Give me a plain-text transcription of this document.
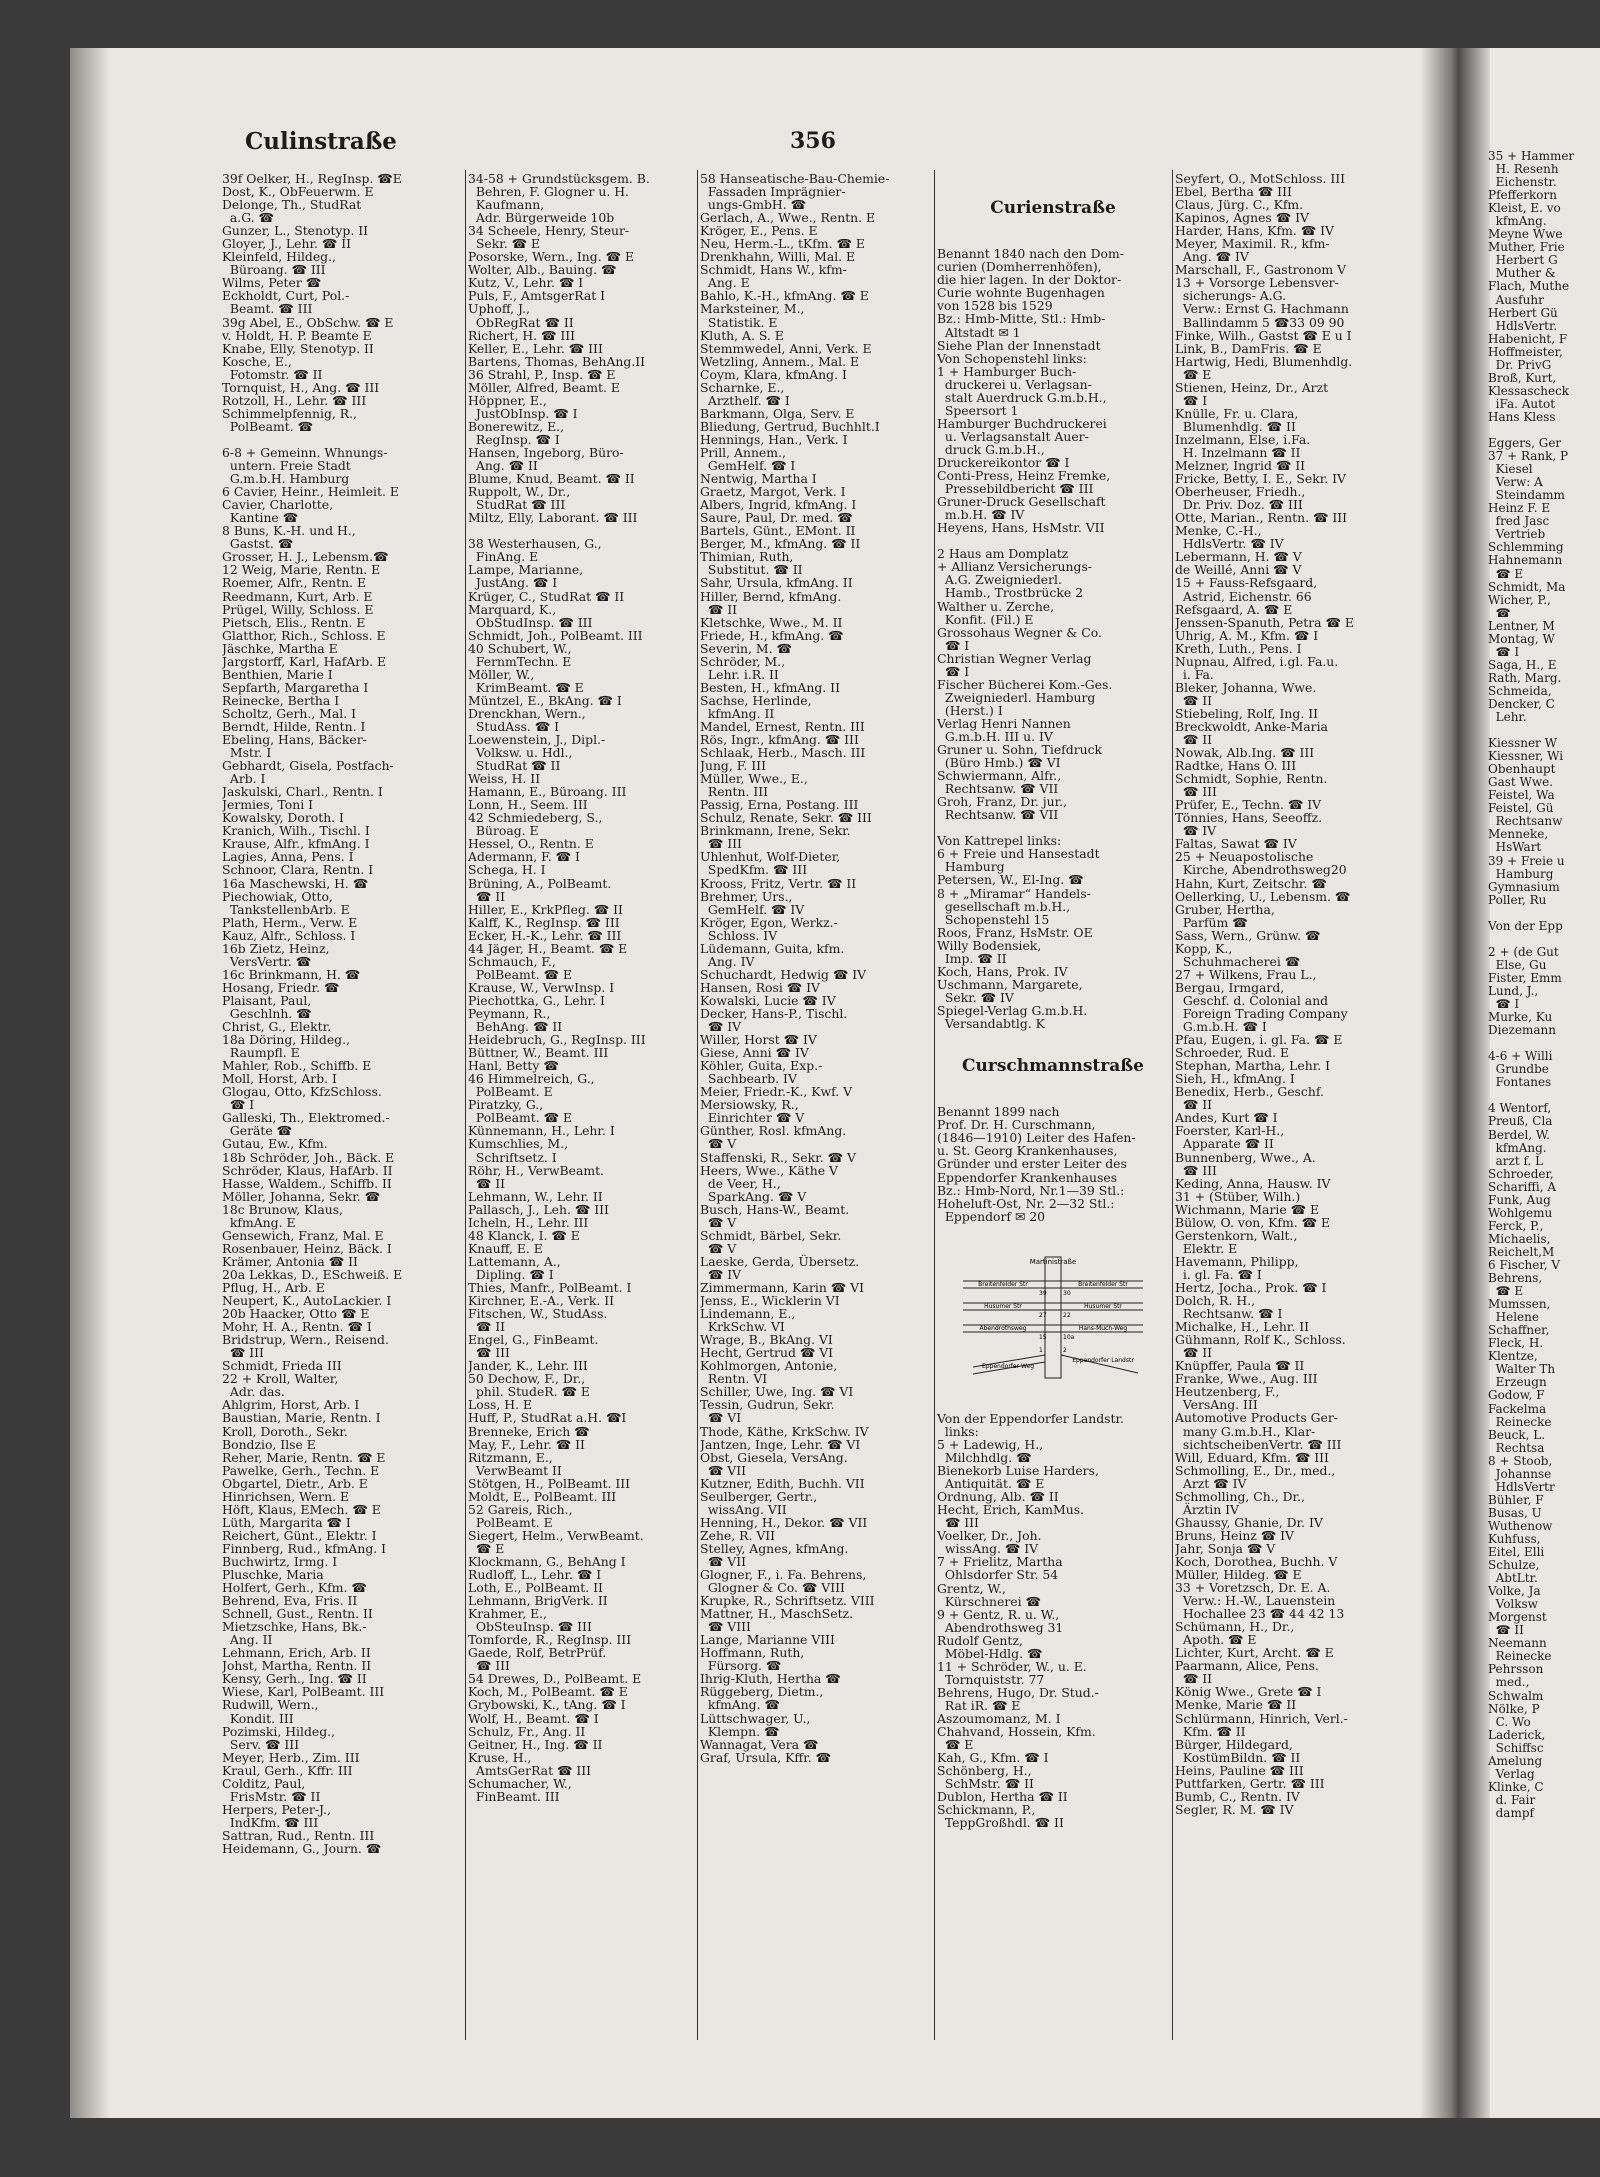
Culinstraße	356
39f Oelker, H., RegInsp. ☎E
Dost, K., ObFeuerwm. E
Delonge, Th., StudRat
a.G. ☎
Gunzer, L., Stenotyp. II
Gloyer, J., Lehr. ☎ II
Kleinfeld, Hildeg.,
Büroang. ☎ III
Wilms, Peter ☎
Eckholdt, Curt, Pol.-
Beamt. ☎ III
39g Abel, E., ObSchw. ☎ E
v. Holdt, H. P. Beamte E
Knabe, Elly, Stenotyp. II
Kosche, E.,
Fotomstr. ☎ II
Tornquist, H., Ang. ☎ III
Rotzoll, H., Lehr. ☎ III
Schimmelpfennig, R.,
PolBeamt. ☎

6-8 + Gemeinn. Whnungs-
untern. Freie Stadt
G.m.b.H. Hamburg
6 Cavier, Heinr., Heimleit. E
Cavier, Charlotte,
Kantine ☎
8 Buns, K.-H. und H.,
Gastst. ☎
Grosser, H. J., Lebensm.☎
12 Weig, Marie, Rentn. E
Roemer, Alfr., Rentn. E
Reedmann, Kurt, Arb. E
Prügel, Willy, Schloss. E
Pietsch, Elis., Rentn. E
Glatthor, Rich., Schloss. E
Jäschke, Martha E
Jargstorff, Karl, HafArb. E
Benthien, Marie I
Sepfarth, Margaretha I
Reinecke, Bertha I
Scholtz, Gerh., Mal. I
Berndt, Hilde, Rentn. I
Ebeling, Hans, Bäcker-
Mstr. I
Gebhardt, Gisela, Postfach-
Arb. I
Jaskulski, Charl., Rentn. I
Jermies, Toni I
Kowalsky, Doroth. I
Kranich, Wilh., Tischl. I
Krause, Alfr., kfmAng. I
Lagies, Anna, Pens. I
Schnoor, Clara, Rentn. I
16a Maschewski, H. ☎
Piechowiak, Otto,
TankstellenbArb. E
Plath, Herm., Verw. E
Kauz, Alfr., Schloss. I
16b Zietz, Heinz,
VersVertr. ☎
16c Brinkmann, H. ☎
Hosang, Friedr. ☎
Plaisant, Paul,
Geschlnh. ☎
Christ, G., Elektr.
18a Döring, Hildeg.,
Raumpfl. E
Mahler, Rob., Schiffb. E
Moll, Horst, Arb. I
Glogau, Otto, KfzSchloss.
☎ I
Galleski, Th., Elektromed.-
Geräte ☎
Gutau, Ew., Kfm.
18b Schröder, Joh., Bäck. E
Schröder, Klaus, HafArb. II
Hasse, Waldem., Schiffb. II
Möller, Johanna, Sekr. ☎
18c Brunow, Klaus,
kfmAng. E
Gensewich, Franz, Mal. E
Rosenbauer, Heinz, Bäck. I
Krämer, Antonia ☎ II
20a Lekkas, D., ESchweiß. E
Pflug, H., Arb. E
Neupert, K., AutoLackier. I
20b Haacker, Otto ☎ E
Mohr, H. A., Rentn. ☎ I
Bridstrup, Wern., Reisend.
☎ III
Schmidt, Frieda III
22 + Kroll, Walter,
Adr. das.
Ahlgrim, Horst, Arb. I
Baustian, Marie, Rentn. I
Kroll, Doroth., Sekr.
Bondzio, Ilse E
Reher, Marie, Rentn. ☎ E
Pawelke, Gerh., Techn. E
Obgartel, Dietr., Arb. E
Hinrichsen, Wern. E
Höft, Klaus, EMech. ☎ E
Lüth, Margarita ☎ I
Reichert, Günt., Elektr. I
Finnberg, Rud., kfmAng. I
Buchwirtz, Irmg. I
Pluschke, Maria
Holfert, Gerh., Kfm. ☎
Behrend, Eva, Fris. II
Schnell, Gust., Rentn. II
Mietzschke, Hans, Bk.-
Ang. II
Lehmann, Erich, Arb. II
Johst, Martha, Rentn. II
Kensy, Gerh., Ing. ☎ II
Wiese, Karl, PolBeamt. III
Rudwill, Wern.,
Kondit. III
Pozimski, Hildeg.,
Serv. ☎ III
Meyer, Herb., Zim. III
Kraul, Gerh., Kffr. III
Colditz, Paul,
FrisMstr. ☎ II
Herpers, Peter-J.,
IndKfm. ☎ III
Sattran, Rud., Rentn. III
Heidemann, G., Journ. ☎
34-58 + Grundstücksgem. B.
Behren, F. Glogner u. H.
Kaufmann,
Adr. Bürgerweide 10b
34 Scheele, Henry, Steur-
Sekr. ☎ E
Posorske, Wern., Ing. ☎ E
Wolter, Alb., Bauing. ☎
Kutz, V., Lehr. ☎ I
Puls, F., AmtsgerRat I
Uphoff, J.,
ObRegRat ☎ II
Richert, H. ☎ III
Keller, E., Lehr. ☎ III
Bartens, Thomas, BehAng.II
36 Strahl, P., Insp. ☎ E
Möller, Alfred, Beamt. E
Höppner, E.,
JustObInsp. ☎ I
Bonerewitz, E.,
RegInsp. ☎ I
Hansen, Ingeborg, Büro-
Ang. ☎ II
Blume, Knud, Beamt. ☎ II
Ruppolt, W., Dr.,
StudRat ☎ III
Miltz, Elly, Laborant. ☎ III

38 Westerhausen, G.,
FinAng. E
Lampe, Marianne,
JustAng. ☎ I
Krüger, C., StudRat ☎ II
Marquard, K.,
ObStudInsp. ☎ III
Schmidt, Joh., PolBeamt. III
40 Schubert, W.,
FernmTechn. E
Möller, W.,
KrimBeamt. ☎ E
Müntzel, E., BkAng. ☎ I
Drenckhan, Wern.,
StudAss. ☎ I
Loewenstein, J., Dipl.-
Volksw. u. Hdl.,
StudRat ☎ II
Weiss, H. II
Hamann, E., Büroang. III
Lonn, H., Seem. III
42 Schmiedeberg, S.,
Büroag. E
Hessel, O., Rentn. E
Adermann, F. ☎ I
Schega, H. I
Brüning, A., PolBeamt.
☎ II
Hiller, E., KrkPfleg. ☎ II
Kalff, K., RegInsp. ☎ III
Ecker, H.-K., Lehr. ☎ III
44 Jäger, H., Beamt. ☎ E
Schmauch, F.,
PolBeamt. ☎ E
Krause, W., VerwInsp. I
Piechottka, G., Lehr. I
Peymann, R.,
BehAng. ☎ II
Heidebruch, G., RegInsp. III
Büttner, W., Beamt. III
Hanl, Betty ☎
46 Himmelreich, G.,
PolBeamt. E
Piratzky, G.,
PolBeamt. ☎ E
Künnemann, H., Lehr. I
Kumschlies, M.,
Schriftsetz. I
Röhr, H., VerwBeamt.
☎ II
Lehmann, W., Lehr. II
Pallasch, J., Leh. ☎ III
Icheln, H., Lehr. III
48 Klanck, I. ☎ E
Knauff, E. E
Lattemann, A.,
Dipling. ☎ I
Thies, Manfr., PolBeamt. I
Kirchner, E.-A., Verk. II
Fitschen, W., StudAss.
☎ II
Engel, G., FinBeamt.
☎ III
Jander, K., Lehr. III
50 Dechow, F., Dr.,
phil. StudeR. ☎ E
Loss, H. E
Huff, P., StudRat a.H. ☎I
Brenneke, Erich ☎
May, F., Lehr. ☎ II
Ritzmann, E.,
VerwBeamt II
Stötgen, H., PolBeamt. III
Moldt, E., PolBeamt. III
52 Gareis, Rich.,
PolBeamt. E
Siegert, Helm., VerwBeamt.
☎ E
Klockmann, G., BehAng I
Rudloff, L., Lehr. ☎ I
Loth, E., PolBeamt. II
Lehmann, BrigVerk. II
Krahmer, E.,
ObSteuInsp. ☎ III
Tomforde, R., RegInsp. III
Gaede, Rolf, BetrPrüf.
☎ III
54 Drewes, D., PolBeamt. E
Koch, M., PolBeamt. ☎ E
Grybowski, K., tAng. ☎ I
Wolf, H., Beamt. ☎ I
Schulz, Fr., Ang. II
Geitner, H., Ing. ☎ II
Kruse, H.,
AmtsGerRat ☎ III
Schumacher, W.,
FinBeamt. III
58 Hanseatische-Bau-Chemie-
Fassaden Imprägnier-
ungs-GmbH. ☎
Gerlach, A., Wwe., Rentn. E
Kröger, E., Pens. E
Neu, Herm.-L., tKfm. ☎ E
Drenkhahn, Willi, Mal. E
Schmidt, Hans W., kfm-
Ang. E
Bahlo, K.-H., kfmAng. ☎ E
Marksteiner, M.,
Statistik. E
Kluth, A. S. E
Stemmwedel, Anni, Verk. E
Wetzling, Annem., Mal. E
Coym, Klara, kfmAng. I
Scharnke, E.,
Arzthelf. ☎ I
Barkmann, Olga, Serv. E
Bliedung, Gertrud, Buchhlt.I
Hennings, Han., Verk. I
Prill, Annem.,
GemHelf. ☎ I
Nentwig, Martha I
Graetz, Margot, Verk. I
Albers, Ingrid, kfmAng. I
Saure, Paul, Dr. med. ☎
Bartels, Günt., EMont. II
Berger, M., kfmAng. ☎ II
Thimian, Ruth,
Substitut. ☎ II
Sahr, Ursula, kfmAng. II
Hiller, Bernd, kfmAng.
☎ II
Kletschke, Wwe., M. II
Friede, H., kfmAng. ☎
Severin, M. ☎
Schröder, M.,
Lehr. i.R. II
Besten, H., kfmAng. II
Sachse, Herlinde,
kfmAng. II
Mandel, Ernest, Rentn. III
Rös, Ingr., kfmAng. ☎ III
Schlaak, Herb., Masch. III
Jung, F. III
Müller, Wwe., E.,
Rentn. III
Passig, Erna, Postang. III
Schulz, Renate, Sekr. ☎ III
Brinkmann, Irene, Sekr.
☎ III
Uhlenhut, Wolf-Dieter,
SpedKfm. ☎ III
Krooss, Fritz, Vertr. ☎ II
Brehmer, Urs.,
GemHelf. ☎ IV
Kröger, Egon, Werkz.-
Schloss. IV
Lüdemann, Guita, kfm.
Ang. IV
Schuchardt, Hedwig ☎ IV
Hansen, Rosi ☎ IV
Kowalski, Lucie ☎ IV
Decker, Hans-P., Tischl.
☎ IV
Willer, Horst ☎ IV
Giese, Anni ☎ IV
Köhler, Guita, Exp.-
Sachbearb. IV
Meier, Friedr.-K., Kwf. V
Mersiowsky, R.,
Einrichter ☎ V
Günther, Rosl. kfmAng.
☎ V
Staffenski, R., Sekr. ☎ V
Heers, Wwe., Käthe V
de Veer, H.,
SparkAng. ☎ V
Busch, Hans-W., Beamt.
☎ V
Schmidt, Bärbel, Sekr.
☎ V
Laeske, Gerda, Übersetz.
☎ IV
Zimmermann, Karin ☎ VI
Jenss, E., Wicklerin VI
Lindemann, E.,
KrkSchw. VI
Wrage, B., BkAng. VI
Hecht, Gertrud ☎ VI
Kohlmorgen, Antonie,
Rentn. VI
Schiller, Uwe, Ing. ☎ VI
Tessin, Gudrun, Sekr.
☎ VI
Thode, Käthe, KrkSchw. IV
Jantzen, Inge, Lehr. ☎ VI
Obst, Giesela, VersAng.
☎ VII
Kutzner, Edith, Buchh. VII
Seulberger, Gertr.,
wissAng. VII
Henning, H., Dekor. ☎ VII
Zehe, R. VII
Stelley, Agnes, kfmAng.
☎ VII
Glogner, F., i. Fa. Behrens,
Glogner & Co. ☎ VIII
Krupke, R., Schriftsetz. VIII
Mattner, H., MaschSetz.
☎ VIII
Lange, Marianne VIII
Hoffmann, Ruth,
Fürsorg. ☎
Ihrig-Kluth, Hertha ☎
Rüggeberg, Dietm.,
kfmAng. ☎
Lüttschwager, U.,
Klempn. ☎
Wannagat, Vera ☎
Graf, Ursula, Kffr. ☎

Curienstraße

Benannt 1840 nach den Dom-
curien (Domherrenhöfen),
die hier lagen. In der Doktor-
Curie wohnte Bugenhagen
von 1528 bis 1529
Bz.: Hmb-Mitte, Stl.: Hmb-
Altstadt ✉ 1
Siehe Plan der Innenstadt
Von Schopenstehl links:
1 + Hamburger Buch-
druckerei u. Verlagsan-
stalt Auerdruck G.m.b.H.,
Speersort 1
Hamburger Buchdruckerei
u. Verlagsanstalt Auer-
druck G.m.b.H.,
Druckereikontor ☎ I
Conti-Press, Heinz Fremke,
Pressebildbericht ☎ III
Gruner-Druck Gesellschaft
m.b.H. ☎ IV
Heyens, Hans, HsMstr. VII

2 Haus am Domplatz
+ Allianz Versicherungs-
A.G. Zweigniederl.
Hamb., Trostbrücke 2
Walther u. Zerche,
Konfit. (Fil.) E
Grossohaus Wegner & Co.
☎ I
Christian Wegner Verlag
☎ I
Fischer Bücherei Kom.-Ges.
Zweigniederl. Hamburg
(Herst.) I
Verlag Henri Nannen
G.m.b.H. III u. IV
Gruner u. Sohn, Tiefdruck
(Büro Hmb.) ☎ VI
Schwiermann, Alfr.,
Rechtsanw. ☎ VII
Groh, Franz, Dr. jur.,
Rechtsanw. ☎ VII

Von Kattrepel links:
6 + Freie und Hansestadt
Hamburg
Petersen, W., El-Ing. ☎
8 + „Miramar“ Handels-
gesellschaft m.b.H.,
Schopenstehl 15
Roos, Franz, HsMstr. OE
Willy Bodensiek,
Imp. ☎ II
Koch, Hans, Prok. IV
Uschmann, Margarete,
Sekr. ☎ IV
Spiegel-Verlag G.m.b.H.
Versandabtlg. K

Curschmannstraße

Benannt 1899 nach
Prof. Dr. H. Curschmann,
(1846—1910) Leiter des Hafen-
u. St. Georg Krankenhauses,
Gründer und erster Leiter des
Eppendorfer Krankenhauses
Bz.: Hmb-Nord, Nr.1—39 Stl.:
Hoheluft-Ost, Nr. 2—32 Stl.:
Eppendorf ✉ 20

Martinistraße
Breitenfelder Str	Breitenfelder Str
39	30
Husumer Str	Husumer Str
27	22
Abendrothsweg	Hans-Much-Weg
15	10a
1	2
Eppendorfer Weg
Eppendorfer Landstr

Von der Eppendorfer Landstr.
links:
5 + Ladewig, H.,
Milchhdlg. ☎
Bienekorb Luise Harders,
Antiquität. ☎ E
Ordnung, Alb. ☎ II
Hecht, Erich, KamMus.
☎ III
Voelker, Dr., Joh.
wissAng. ☎ IV
7 + Frielitz, Martha
Ohlsdorfer Str. 54
Grentz, W.,
Kürschnerei ☎
9 + Gentz, R. u. W.,
Abendrothsweg 31
Rudolf Gentz,
Möbel-Hdlg. ☎
11 + Schröder, W., u. E.
Tornquiststr. 77
Behrens, Hugo, Dr. Stud.-
Rat iR. ☎ E
Aszoumomanz, M. I
Chahvand, Hossein, Kfm.
☎ E
Kah, G., Kfm. ☎ I
Schönberg, H.,
SchMstr. ☎ II
Dublon, Hertha ☎ II
Schickmann, P.,
TeppGroßhdl. ☎ II

Seyfert, O., MotSchloss. III
Ebel, Bertha ☎ III
Claus, Jürg. C., Kfm.
Kapinos, Agnes ☎ IV
Harder, Hans, Kfm. ☎ IV
Meyer, Maximil. R., kfm-
Ang. ☎ IV
Marschall, F., Gastronom V
13 + Vorsorge Lebensver-
sicherungs- A.G.
Verw.: Ernst G. Hachmann
Ballindamm 5 ☎33 09 90
Finke, Wilh., Gastst ☎ E u I
Link, B., DamFris. ☎ E
Hartwig, Hedi, Blumenhdlg.
☎ E
Stienen, Heinz, Dr., Arzt
☎ I
Knülle, Fr. u. Clara,
Blumenhdlg. ☎ II
Inzelmann, Else, i.Fa.
H. Inzelmann ☎ II
Melzner, Ingrid ☎ II
Fricke, Betty, I. E., Sekr. IV
Oberheuser, Friedh.,
Dr. Priv. Doz. ☎ III
Otte, Marian., Rentn. ☎ III
Menke, C.-H.,
HdlsVertr. ☎ IV
Lebermann, H. ☎ V
de Weillé, Anni ☎ V
15 + Fauss-Refsgaard,
Astrid, Eichenstr. 66
Refsgaard, A. ☎ E
Jenssen-Spanuth, Petra ☎ E
Uhrig, A. M., Kfm. ☎ I
Kreth, Luth., Pens. I
Nupnau, Alfred, i.gl. Fa.u.
i. Fa.
Bleker, Johanna, Wwe.
☎ II
Stiebeling, Rolf, Ing. II
Breckwoldt, Anke-Maria
☎ II
Nowak, Alb.Ing. ☎ III
Radtke, Hans O. III
Schmidt, Sophie, Rentn.
☎ III
Prüfer, E., Techn. ☎ IV
Tönnies, Hans, Seeoffz.
☎ IV
Faltas, Sawat ☎ IV
25 + Neuapostolische
Kirche, Abendrothsweg20
Hahn, Kurt, Zeitschr. ☎
Oellerking, U., Lebensm. ☎
Gruber, Hertha,
Parfüm ☎
Sass, Wern., Grünw. ☎
Kopp, K.,
Schuhmacherei ☎
27 + Wilkens, Frau L.,
Bergau, Irmgard,
Geschf. d. Colonial and
Foreign Trading Company
G.m.b.H. ☎ I
Pfau, Eugen, i. gl. Fa. ☎ E
Schroeder, Rud. E
Stephan, Martha, Lehr. I
Sieh, H., kfmAng. I
Benedix, Herb., Geschf.
☎ II
Andes, Kurt ☎ I
Foerster, Karl-H.,
Apparate ☎ II
Bunnenberg, Wwe., A.
☎ III
Keding, Anna, Hausw. IV
31 + (Stüber, Wilh.)
Wichmann, Marie ☎ E
Bülow, O. von, Kfm. ☎ E
Gerstenkorn, Walt.,
Elektr. E
Havemann, Philipp,
i. gl. Fa. ☎ I
Hertz, Jocha., Prok. ☎ I
Dolch, R. H.,
Rechtsanw. ☎ I
Michalke, H., Lehr. II
Gühmann, Rolf K., Schloss.
☎ II
Knüpffer, Paula ☎ II
Franke, Wwe., Aug. III
Heutzenberg, F.,
VersAng. III
Automotive Products Ger-
many G.m.b.H., Klar-
sichtscheibenVertr. ☎ III
Will, Eduard, Kfm. ☎ III
Schmolling, E., Dr., med.,
Arzt ☎ IV
Schmolling, Ch., Dr.,
Ärztin IV
Ghaussy, Ghanie, Dr. IV
Bruns, Heinz ☎ IV
Jahr, Sonja ☎ V
Koch, Dorothea, Buchh. V
Müller, Hildeg. ☎ E
33 + Voretzsch, Dr. E. A.
Verw.: H.-W., Lauenstein
Hochallee 23 ☎ 44 42 13
Schümann, H., Dr.,
Apoth. ☎ E
Lichter, Kurt, Archt. ☎ E
Paarmann, Alice, Pens.
☎ II
König Wwe., Grete ☎ I
Menke, Marie ☎ II
Schlürmann, Hinrich, Verl.-
Kfm. ☎ II
Bürger, Hildegard,
KostümBildn. ☎ II
Heins, Pauline ☎ III
Puttfarken, Gertr. ☎ III
Bumb, C., Rentn. IV
Segler, R. M. ☎ IV
35 + Hammer
H. Resenh
Eichenstr.
Pfefferkorn
Kleist, E. vo
kfmAng.
Meyne Wwe
Muther, Frie
Herbert G
Muther &
Flach, Muthe
Ausfuhr
Herbert Gü
HdlsVertr.
Habenicht, F
Hoffmeister,
Dr. PrivG
Broß, Kurt,
Klessascheck
iFa. Autot
Hans Kless

Eggers, Ger
37 + Rank, P
Kiesel
Verw: A
Steindamm
Heinz F. E
fred Jasc
Vertrieb
Schlemming
Hahnemann
☎ E
Schmidt, Ma
Wicher, P.,
☎
Lentner, M
Montag, W
☎ I
Saga, H., E
Rath, Marg.
Schmeida,
Dencker, C
Lehr.

Kiessner W
Kiessner, Wi
Obenhaupt
Gast Wwe.
Feistel, Wa
Feistel, Gü
Rechtsanw
Menneke,
HsWart
39 + Freie u
Hamburg
Gymnasium
Poller, Ru

Von der Epp

2 + (de Gut
Else, Gu
Fister, Emm
Lund, J.,
☎ I
Murke, Ku
Diezemann

4-6 + Willi
Grundbe
Fontanes

4 Wentorf,
Preuß, Cla
Berdel, W.
kfmAng.
arzt f. L
Schroeder,
Schariffi, A
Funk, Aug
Wohlgemu
Ferck, P.,
Michaelis,
Reichelt,M
6 Fischer, V
Behrens,
☎ E
Mumssen,
Helene
Schaffner,
Fleck, H.
Klentze,
Walter Th
Erzeugn
Godow, F
Fackelma
Reinecke
Beuck, L.
Rechtsa
8 + Stoob,
Johannse
HdlsVertr
Bühler, F
Busas, U
Wuthenow
Kuhfuss,
Eitel, Elli
Schulze,
AbtLtr.
Volke, Ja
Volksw
Morgenst
☎ II
Neemann
Reinecke
Pehrsson
med.,
Schwalm
Nölke, P
C. Wo
Laderick,
Schiffsc
Amelung
Verlag
Klinke, C
d. Fair
dampf
